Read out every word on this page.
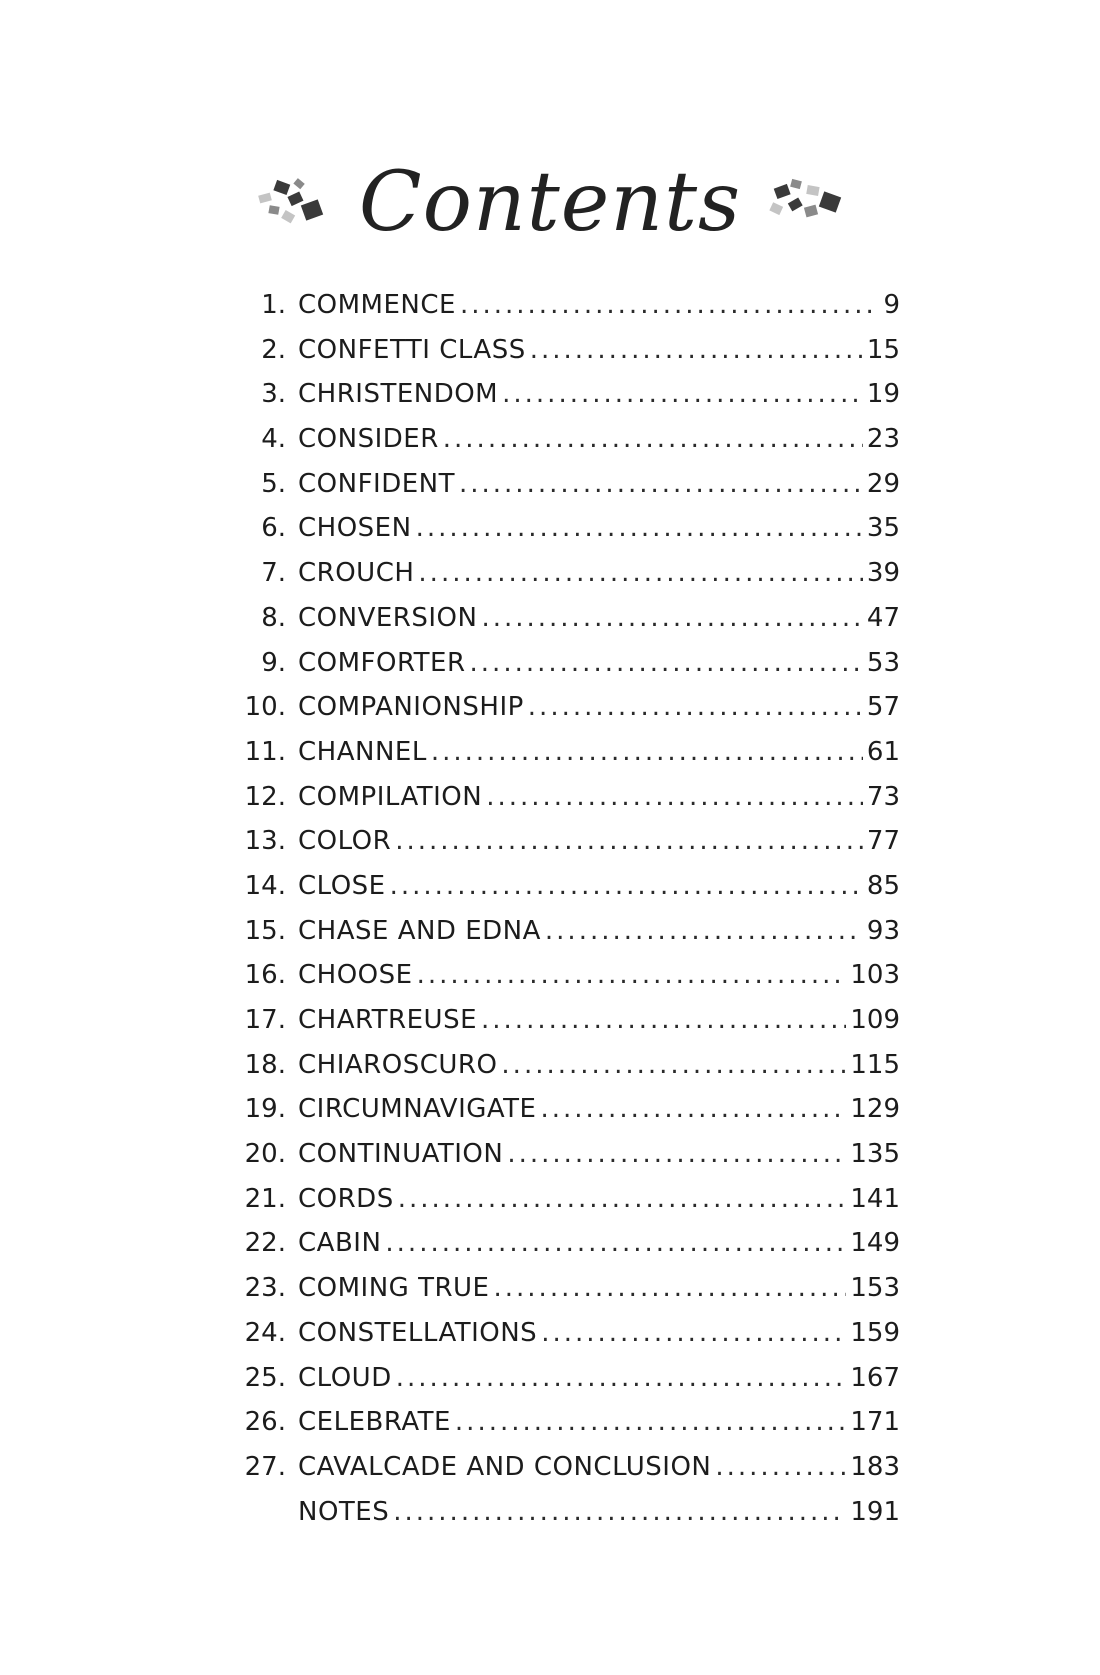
Contents
1. COMMENCE .....	9
2. CONFETTI CLASS .....	15
3. CHRISTENDOM .....	19
4. CONSIDER .....	23
5. CONFIDENT .....	29
6. CHOSEN .....	35
7. CROUCH .....	39
8. CONVERSION .....	47
9. COMFORTER .....	53
10. COMPANIONSHIP .....	57
11. CHANNEL .....	61
12. COMPILATION .....	73
13. COLOR .....	77
14. CLOSE .....	85
15. CHASE AND EDNA .....	93
16. CHOOSE .....	103
17. CHARTREUSE .....	109
18. CHIAROSCURO .....	115
19. CIRCUMNAVIGATE .....	129
20. CONTINUATION .....	135
21. CORDS .....	141
22. CABIN .....	149
23. COMING TRUE .....	153
24. CONSTELLATIONS .....	159
25. CLOUD .....	167
26. CELEBRATE .....	171
27. CAVALCADE AND CONCLUSION .....	183
NOTES .....	191
